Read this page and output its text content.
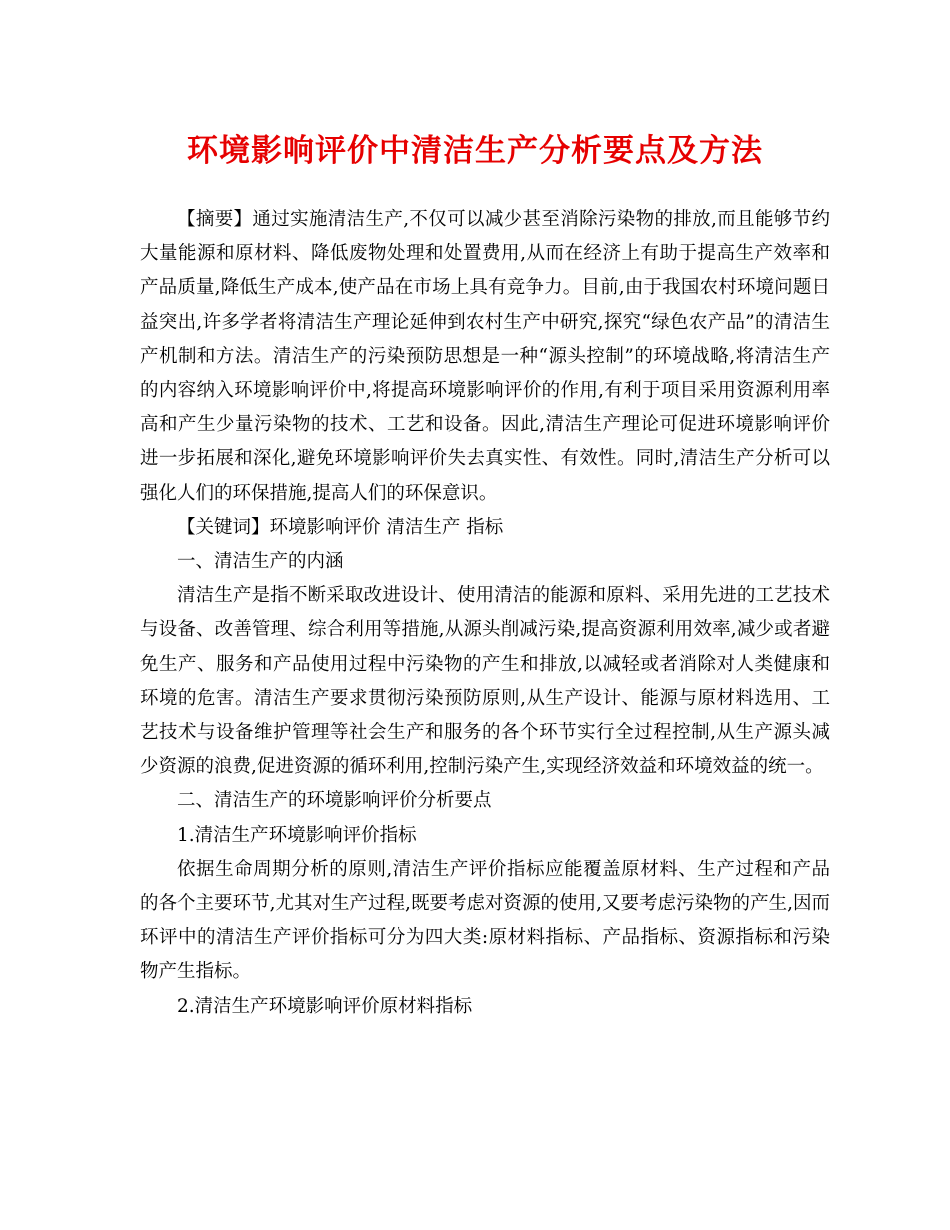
环境影响评价中清洁生产分析要点及方法

【摘要】通过实施清洁生产,不仅可以减少甚至消除污染物的排放,而且能够节约大量能源和原材料、降低废物处理和处置费用,从而在经济上有助于提高生产效率和产品质量,降低生产成本,使产品在市场上具有竞争力。目前,由于我国农村环境问题日益突出,许多学者将清洁生产理论延伸到农村生产中研究,探究“绿色农产品”的清洁生产机制和方法。清洁生产的污染预防思想是一种“源头控制”的环境战略,将清洁生产的内容纳入环境影响评价中,将提高环境影响评价的作用,有利于项目采用资源利用率高和产生少量污染物的技术、工艺和设备。因此,清洁生产理论可促进环境影响评价进一步拓展和深化,避免环境影响评价失去真实性、有效性。同时,清洁生产分析可以强化人们的环保措施,提高人们的环保意识。

【关键词】环境影响评价 清洁生产 指标

一、清洁生产的内涵

清洁生产是指不断采取改进设计、使用清洁的能源和原料、采用先进的工艺技术与设备、改善管理、综合利用等措施,从源头削减污染,提高资源利用效率,减少或者避免生产、服务和产品使用过程中污染物的产生和排放,以减轻或者消除对人类健康和环境的危害。清洁生产要求贯彻污染预防原则,从生产设计、能源与原材料选用、工艺技术与设备维护管理等社会生产和服务的各个环节实行全过程控制,从生产源头减少资源的浪费,促进资源的循环利用,控制污染产生,实现经济效益和环境效益的统一。

二、清洁生产的环境影响评价分析要点

1.清洁生产环境影响评价指标

依据生命周期分析的原则,清洁生产评价指标应能覆盖原材料、生产过程和产品的各个主要环节,尤其对生产过程,既要考虑对资源的使用,又要考虑污染物的产生,因而环评中的清洁生产评价指标可分为四大类:原材料指标、产品指标、资源指标和污染物产生指标。

2.清洁生产环境影响评价原材料指标
